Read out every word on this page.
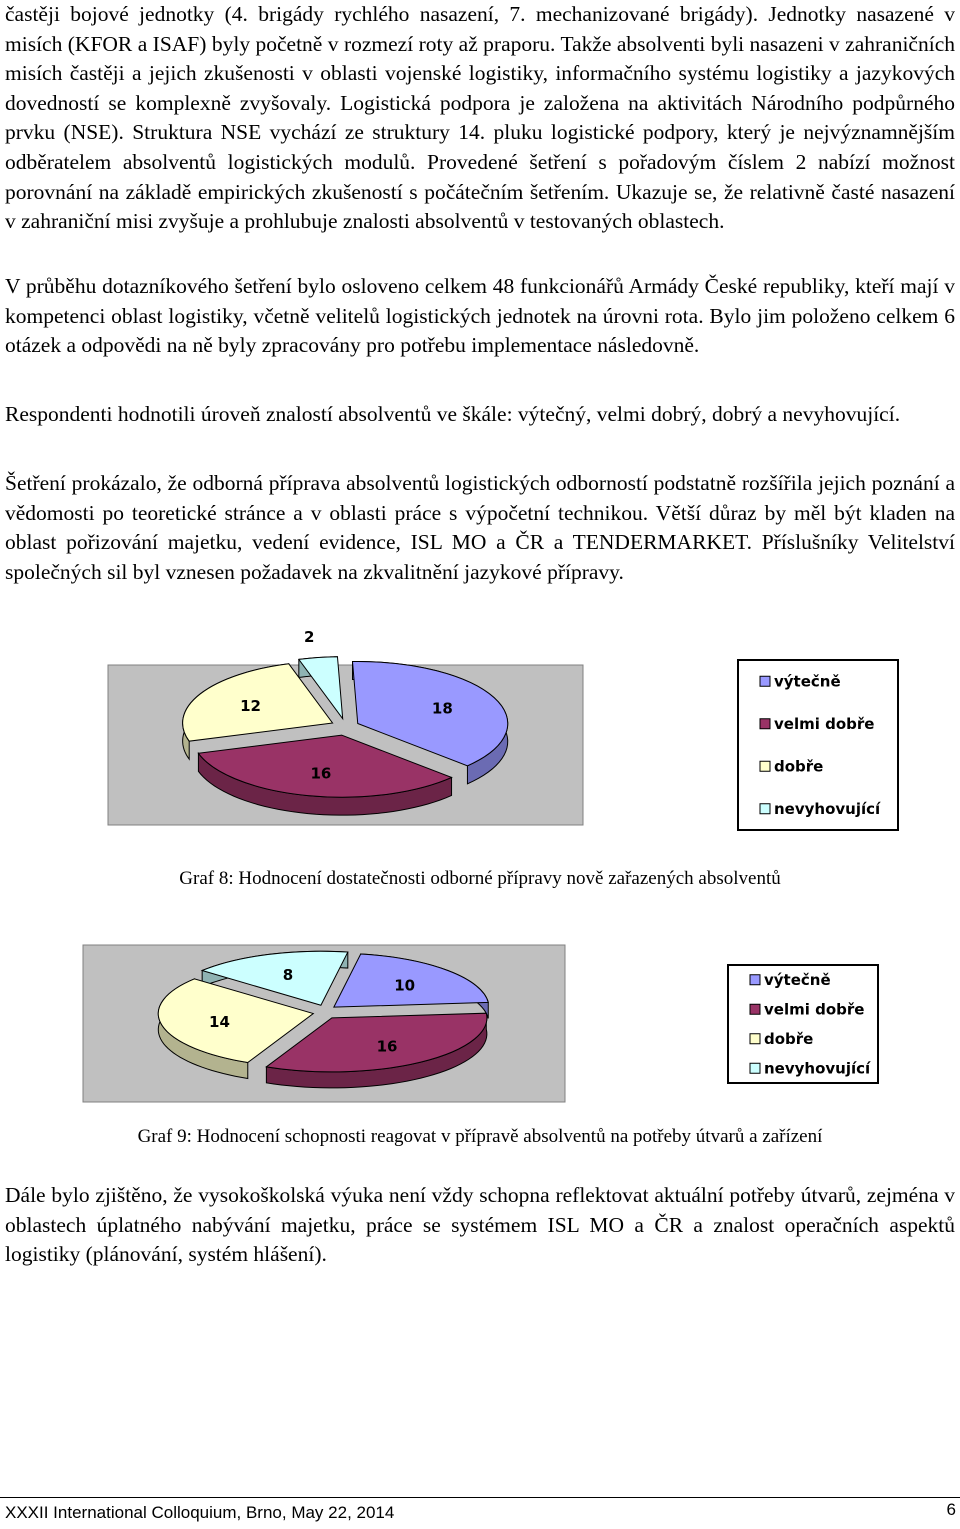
častěji bojové jednotky (4. brigády rychlého nasazení, 7. mechanizované brigády). Jednotky nasazené v misích (KFOR a ISAF) byly početně v rozmezí roty až praporu. Takže absolventi byli nasazeni v zahraničních misích častěji a jejich zkušenosti v oblasti vojenské logistiky, informačního systému logistiky a jazykových dovedností se komplexně zvyšovaly. Logistická podpora je založena na aktivitách Národního podpůrného prvku (NSE). Struktura NSE vychází ze struktury 14. pluku logistické podpory, který je nejvýznamnějším odběratelem absolventů logistických modulů. Provedené šetření s pořadovým číslem 2 nabízí možnost porovnání na základě empirických zkušeností s počátečním šetřením. Ukazuje se, že relativně časté nasazení v zahraniční misi zvyšuje a prohlubuje znalosti absolventů v testovaných oblastech.

V průběhu dotazníkového šetření bylo osloveno celkem 48 funkcionářů Armády České republiky, kteří mají v kompetenci oblast logistiky, včetně velitelů logistických jednotek na úrovni rota. Bylo jim položeno celkem 6 otázek a odpovědi na ně byly zpracovány pro potřebu implementace následovně.

Respondenti hodnotili úroveň znalostí absolventů ve škále: výtečný, velmi dobrý, dobrý a nevyhovující.

Šetření prokázalo, že odborná příprava absolventů logistických odborností podstatně rozšířila jejich poznání a vědomosti po teoretické stránce a v oblasti práce s výpočetní technikou. Větší důraz by měl být kladen na oblast pořizování majetku, vedení evidence, ISL MO a ČR a TENDERMARKET. Příslušníky Velitelství společných sil byl vznesen požadavek na zkvalitnění jazykové přípravy.

18
16
12
2
výtečně
velmi dobře
dobře
nevyhovující

Graf 8: Hodnocení dostatečnosti odborné přípravy nově zařazených absolventů

10
16
14
8	výtečně
velmi dobře
dobře
nevyhovující

Graf 9: Hodnocení schopnosti reagovat v přípravě absolventů na potřeby útvarů a zařízení

Dále bylo zjištěno, že vysokoškolská výuka není vždy schopna reflektovat aktuální potřeby útvarů, zejména v oblastech úplatného nabývání majetku, práce se systémem ISL MO a ČR a znalost operačních aspektů logistiky (plánování, systém hlášení).

XXXII International Colloquium, Brno, May 22, 2014	6
